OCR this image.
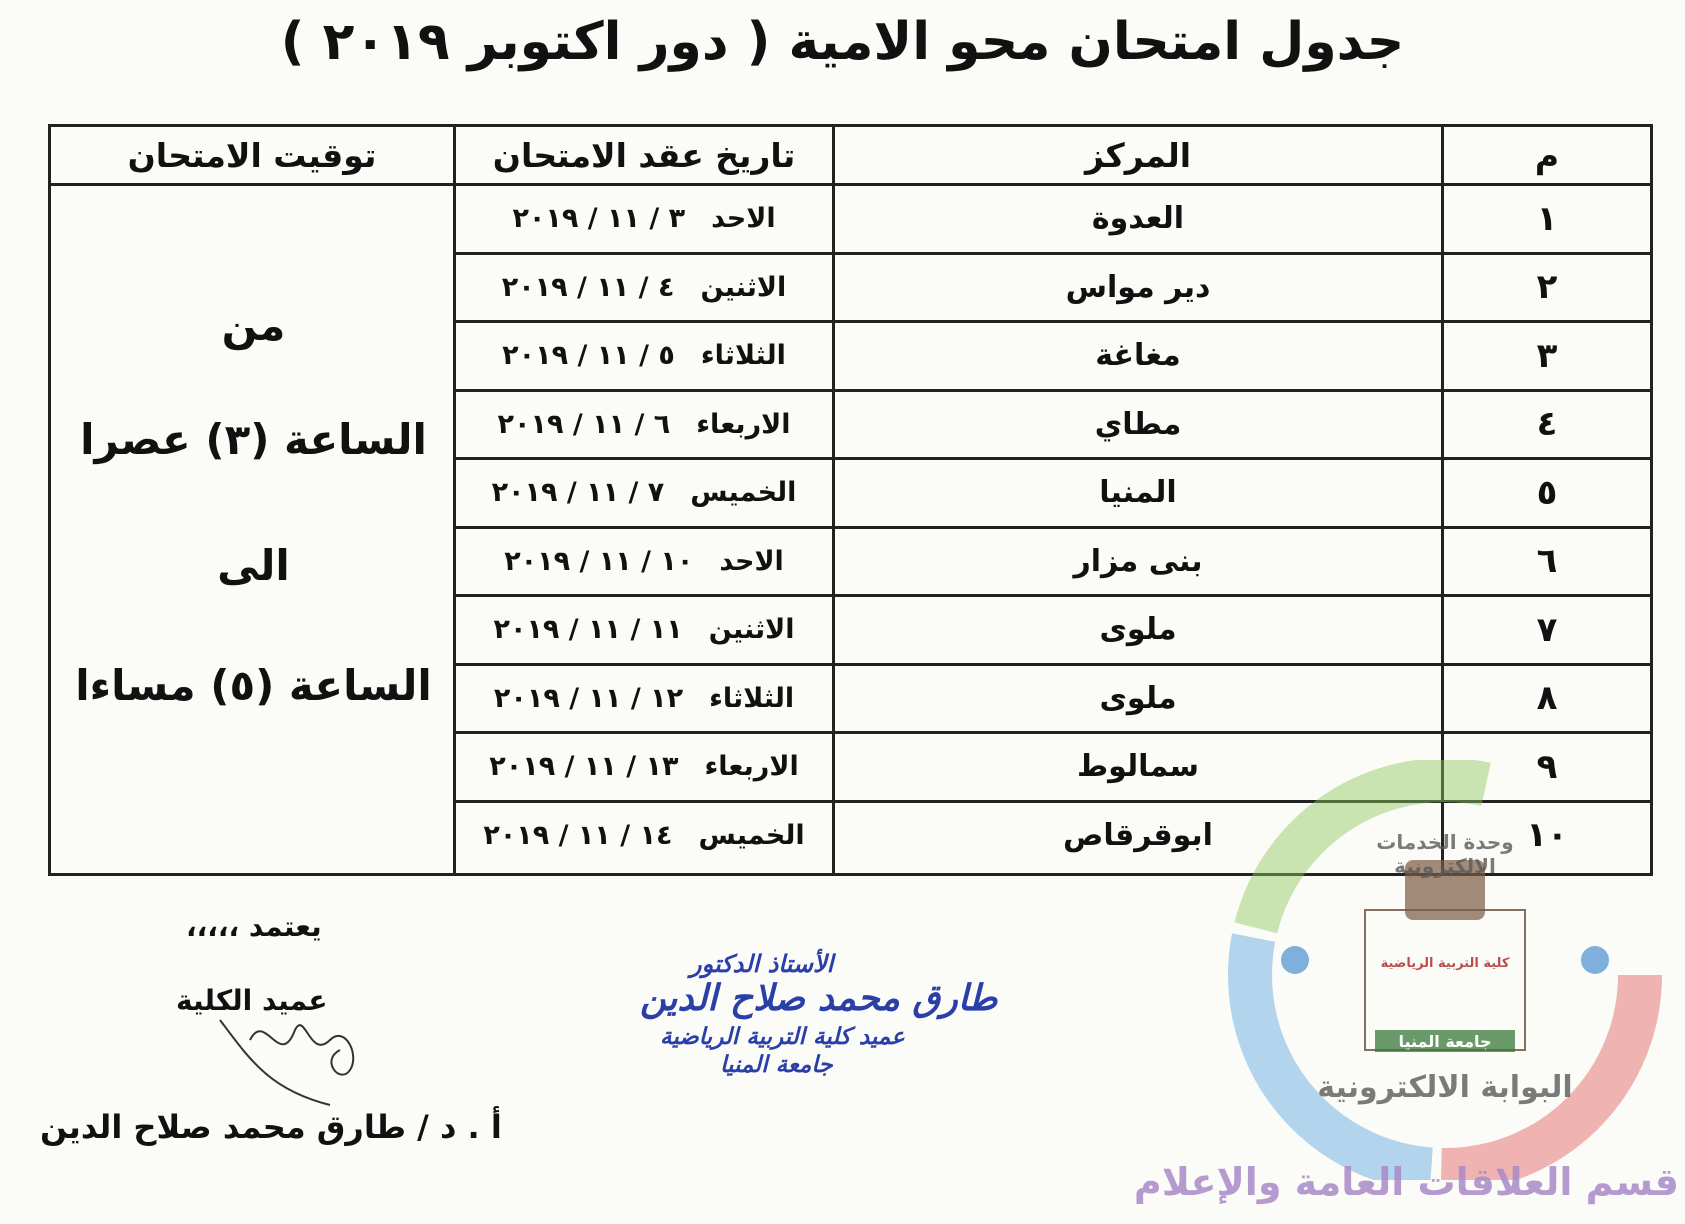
جدول امتحان محو الامية ( دور اكتوبر ٢٠١٩ )
م
المركز
تاريخ عقد الامتحان
توقيت الامتحان
من
الساعة (٣) عصرا
الى
الساعة (٥) مساءا
١
العدوة
الاحد
٣ / ١١ / ٢٠١٩
٢
دير مواس
الاثنين
٤ / ١١ / ٢٠١٩
٣
مغاغة
الثلاثاء
٥ / ١١ / ٢٠١٩
٤
مطاي
الاربعاء
٦ / ١١ / ٢٠١٩
٥
المنيا
الخميس
٧ / ١١ / ٢٠١٩
٦
بنى مزار
الاحد
١٠ / ١١ / ٢٠١٩
٧
ملوى
الاثنين
١١ / ١١ / ٢٠١٩
٨
ملوى
الثلاثاء
١٢ / ١١ / ٢٠١٩
٩
سمالوط
الاربعاء
١٣ / ١١ / ٢٠١٩
١٠
ابوقرقاص
الخميس
١٤ / ١١ / ٢٠١٩
يعتمد ،،،،،
عميد الكلية
أ . د / طارق محمد صلاح الدين
الأستاذ الدكتور
طارق محمد صلاح الدين
عميد كلية التربية الرياضية
جامعة المنيا
وحدة الخدمات الالكترونية
كلية التربية الرياضية
جامعة المنيا
البوابة الالكترونية
قسم العلاقات العامة والإعلام
